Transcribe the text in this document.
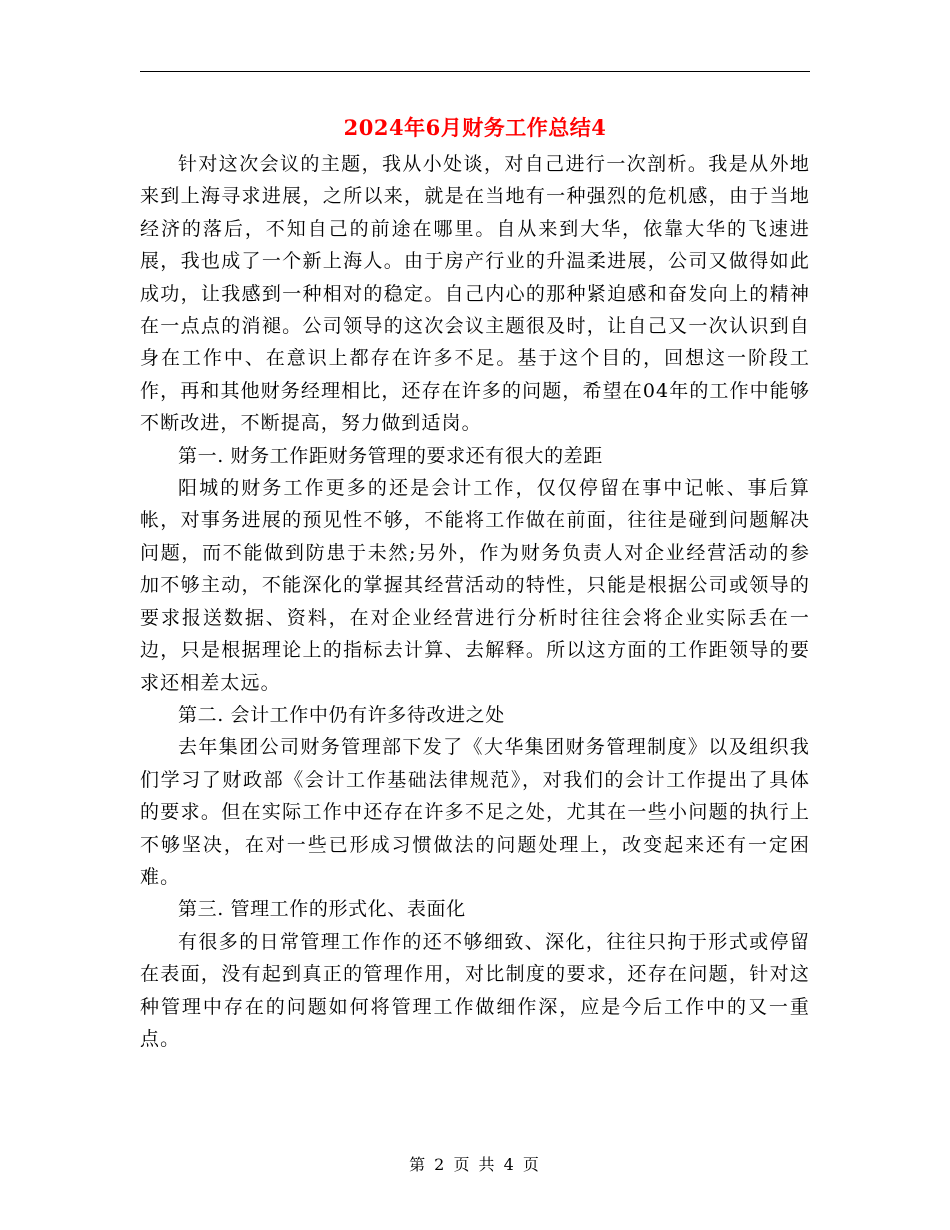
2024年6月财务工作总结4

针对这次会议的主题，我从小处谈，对自己进行一次剖析。我是从外地来到上海寻求进展，之所以来，就是在当地有一种强烈的危机感，由于当地经济的落后，不知自己的前途在哪里。自从来到大华，依靠大华的飞速进展，我也成了一个新上海人。由于房产行业的升温柔进展，公司又做得如此成功，让我感到一种相对的稳定。自己内心的那种紧迫感和奋发向上的精神在一点点的消褪。公司领导的这次会议主题很及时，让自己又一次认识到自身在工作中、在意识上都存在许多不足。基于这个目的，回想这一阶段工作，再和其他财务经理相比，还存在许多的问题，希望在04年的工作中能够不断改进，不断提高，努力做到适岗。

第一. 财务工作距财务管理的要求还有很大的差距

阳城的财务工作更多的还是会计工作，仅仅停留在事中记帐、事后算帐，对事务进展的预见性不够，不能将工作做在前面，往往是碰到问题解决问题，而不能做到防患于未然;另外，作为财务负责人对企业经营活动的参加不够主动，不能深化的掌握其经营活动的特性，只能是根据公司或领导的要求报送数据、资料，在对企业经营进行分析时往往会将企业实际丢在一边，只是根据理论上的指标去计算、去解释。所以这方面的工作距领导的要求还相差太远。

第二. 会计工作中仍有许多待改进之处

去年集团公司财务管理部下发了《大华集团财务管理制度》以及组织我们学习了财政部《会计工作基础法律规范》，对我们的会计工作提出了具体的要求。但在实际工作中还存在许多不足之处，尤其在一些小问题的执行上不够坚决，在对一些已形成习惯做法的问题处理上，改变起来还有一定困难。

第三. 管理工作的形式化、表面化

有很多的日常管理工作作的还不够细致、深化，往往只拘于形式或停留在表面，没有起到真正的管理作用，对比制度的要求，还存在问题，针对这种管理中存在的问题如何将管理工作做细作深，应是今后工作中的又一重点。

第 2 页 共 4 页
